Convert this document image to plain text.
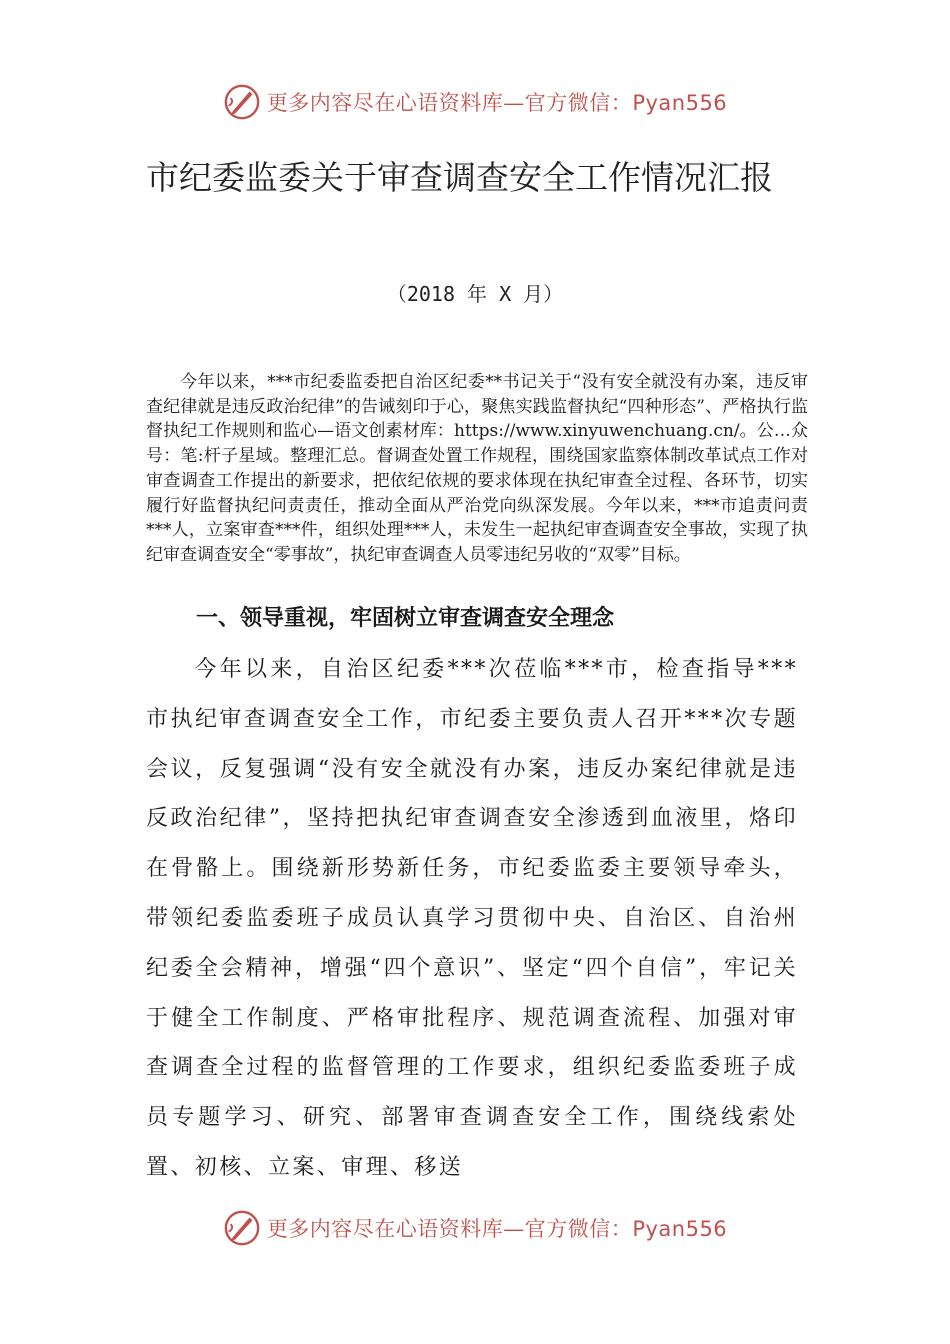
更多内容尽在心语资料库—官方微信：Pyan556
市纪委监委关于审查调查安全工作情况汇报
（2018 年 X 月）

今年以来，***市纪委监委把自治区纪委**书记关于“没有安全就没有办案，违反审查纪律就是违反政治纪律”的告诫刻印于心，聚焦实践监督执纪“四种形态”、严格执行监督执纪工作规则和监心—语文创素材库：https://www.xinyuwenchuang.cn/。公…众号：笔:杆子星域。整理汇总。督调查处置工作规程，围绕国家监察体制改革试点工作对审查调查工作提出的新要求，把依纪依规的要求体现在执纪审查全过程、各环节，切实履行好监督执纪问责责任，推动全面从严治党向纵深发展。今年以来，***市追责问责***人，立案审查***件，组织处理***人，未发生一起执纪审查调查安全事故，实现了执纪审查调查安全“零事故”，执纪审查调查人员零违纪另收的“双零”目标。

一、领导重视，牢固树立审查调查安全理念

今年以来，自治区纪委***次莅临***市，检查指导***市执纪审查调查安全工作，市纪委主要负责人召开***次专题会议，反复强调“没有安全就没有办案，违反办案纪律就是违反政治纪律”，坚持把执纪审查调查安全渗透到血液里，烙印在骨骼上。围绕新形势新任务，市纪委监委主要领导牵头，带领纪委监委班子成员认真学习贯彻中央、自治区、自治州纪委全会精神，增强“四个意识”、坚定“四个自信”，牢记关于健全工作制度、严格审批程序、规范调查流程、加强对审查调查全过程的监督管理的工作要求，组织纪委监委班子成员专题学习、研究、部署审查调查安全工作，围绕线索处置、初核、立案、审理、移送

更多内容尽在心语资料库—官方微信：Pyan556
